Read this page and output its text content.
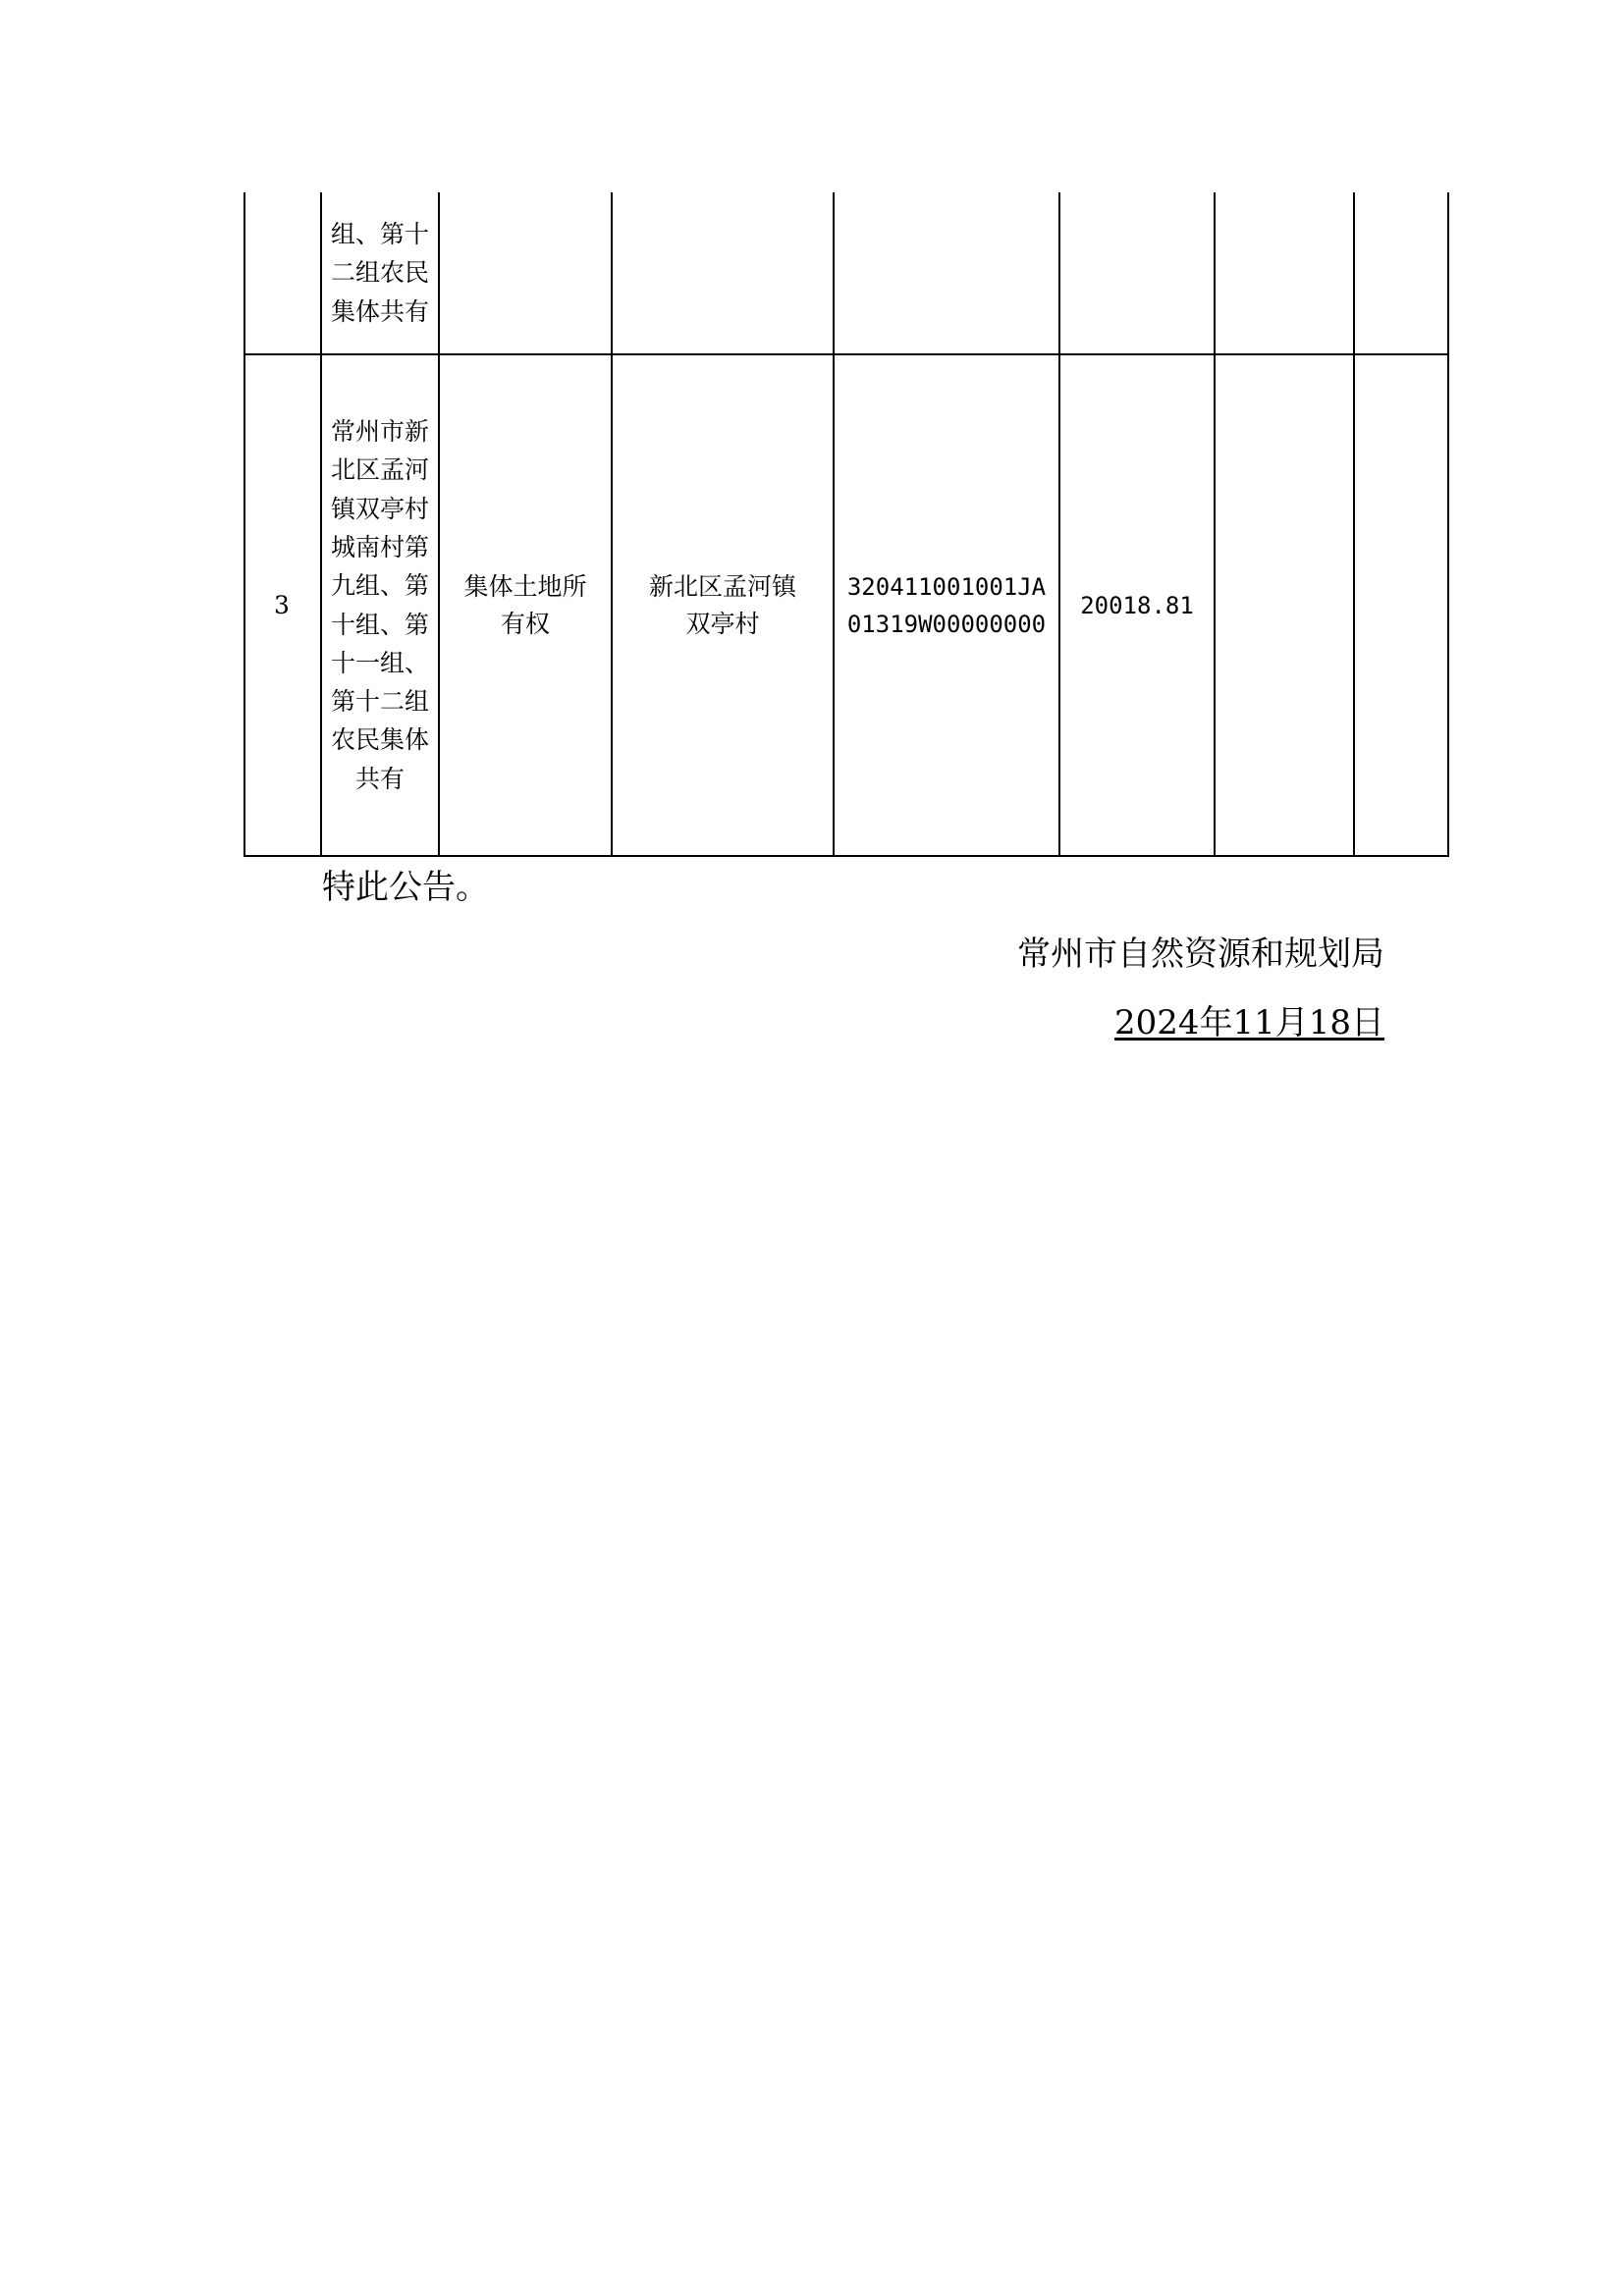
组、第十二组农民集体共有
3
常州市新北区孟河镇双亭村城南村第九组、第十组、第十一组、第十二组农民集体共有
集体土地所有权
新北区孟河镇双亭村
320411001001JA01319W00000000
20018.81

特此公告。

常州市自然资源和规划局
2024年11月18日
